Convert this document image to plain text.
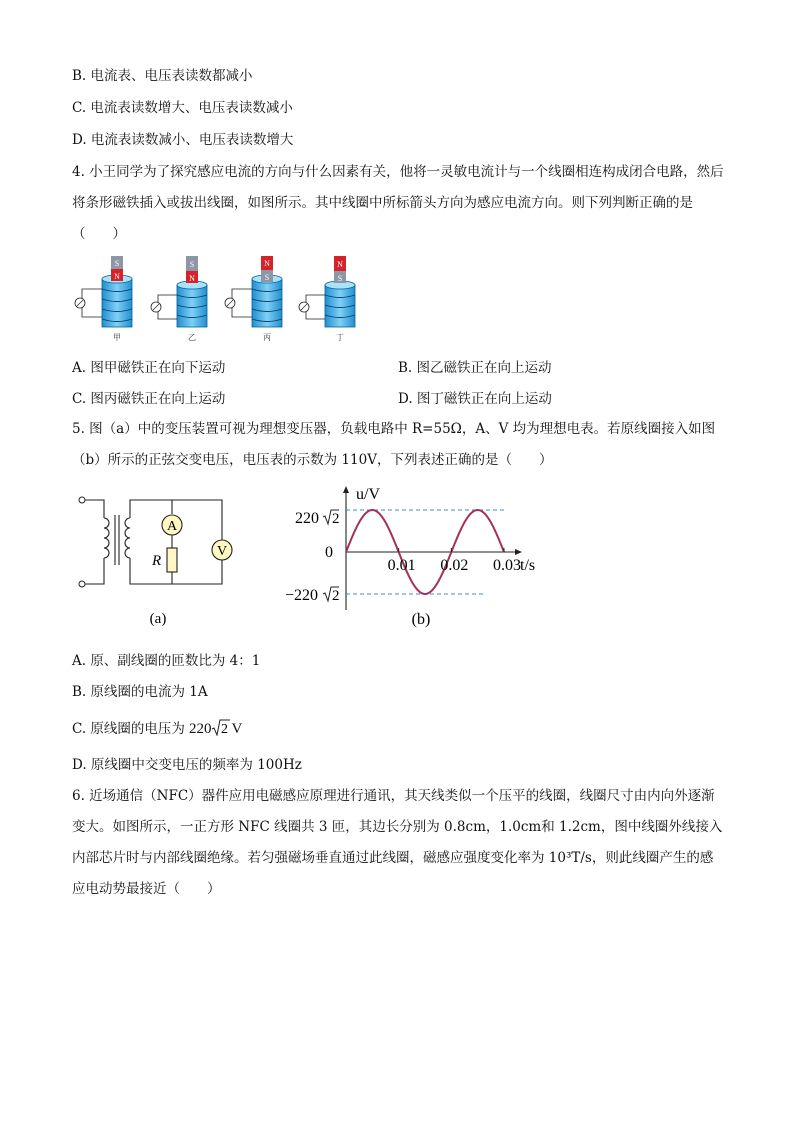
B. 电流表、电压表读数都减小
C. 电流表读数增大、电压表读数减小
D. 电流表读数减小、电压表读数增大
4. 小王同学为了探究感应电流的方向与什么因素有关，他将一灵敏电流计与一个线圈相连构成闭合电路，然后将条形磁铁插入或拔出线圈，如图所示。其中线圈中所标箭头方向为感应电流方向。则下列判断正确的是（　　）
S
N
甲
S
N
乙
N
S
丙
N
S
丁
A. 图甲磁铁正在向下运动	B. 图乙磁铁正在向上运动
C. 图丙磁铁正在向上运动	D. 图丁磁铁正在向上运动
5. 图（a）中的变压装置可视为理想变压器，负载电路中 R=55Ω，A、V 均为理想电表。若原线圈接入如图（b）所示的正弦交变电压，电压表的示数为 110V，下列表述正确的是（　　）
A
R
V
(a)
0.01 0.02 0.03
u/V
t/s
0
220 2
−220 2
(b)
A. 原、副线圈的匝数比为 4：1
B. 原线圈的电流为 1A
C. 原线圈的电压为 220 2 V
D. 原线圈中交变电压的频率为 100Hz
6. 近场通信（NFC）器件应用电磁感应原理进行通讯，其天线类似一个压平的线圈，线圈尺寸由内向外逐渐变大。如图所示，一正方形 NFC 线圈共 3 匝，其边长分别为 0.8cm，1.0cm和 1.2cm，图中线圈外线接入内部芯片时与内部线圈绝缘。若匀强磁场垂直通过此线圈，磁感应强度变化率为 10³T/s，则此线圈产生的感应电动势最接近（　　）
